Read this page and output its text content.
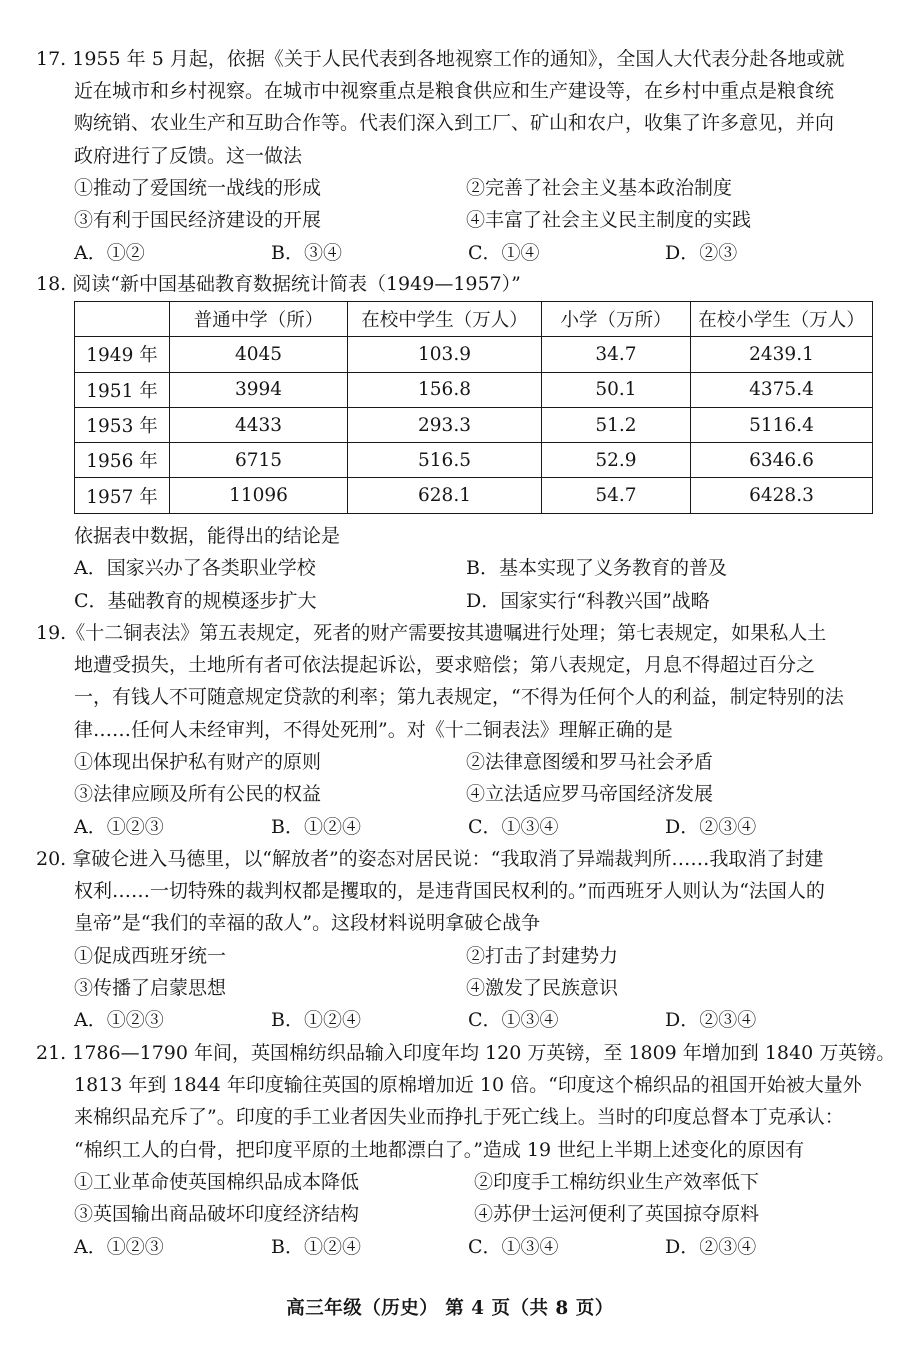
17. 1955 年 5 月起，依据《关于人民代表到各地视察工作的通知》，全国人大代表分赴各地或就
近在城市和乡村视察。在城市中视察重点是粮食供应和生产建设等，在乡村中重点是粮食统
购统销、农业生产和互助合作等。代表们深入到工厂、矿山和农户，收集了许多意见，并向
政府进行了反馈。这一做法
①推动了爱国统一战线的形成	②完善了社会主义基本政治制度
③有利于国民经济建设的开展	④丰富了社会主义民主制度的实践
A．①②	B．③④	C．①④	D．②③
18. 阅读“新中国基础教育数据统计简表（1949—1957）”
	普通中学（所）	在校中学生（万人）	小学（万所）	在校小学生（万人）
1949 年	4045	103.9	34.7	2439.1
1951 年	3994	156.8	50.1	4375.4
1953 年	4433	293.3	51.2	5116.4
1956 年	6715	516.5	52.9	6346.6
1957 年	11096	628.1	54.7	6428.3
依据表中数据，能得出的结论是
A．国家兴办了各类职业学校	B．基本实现了义务教育的普及
C．基础教育的规模逐步扩大	D．国家实行“科教兴国”战略
19.《十二铜表法》第五表规定，死者的财产需要按其遗嘱进行处理；第七表规定，如果私人土
地遭受损失，土地所有者可依法提起诉讼，要求赔偿；第八表规定，月息不得超过百分之
一，有钱人不可随意规定贷款的利率；第九表规定，“不得为任何个人的利益，制定特别的法
律……任何人未经审判，不得处死刑”。对《十二铜表法》理解正确的是
①体现出保护私有财产的原则	②法律意图缓和罗马社会矛盾
③法律应顾及所有公民的权益	④立法适应罗马帝国经济发展
A．①②③	B．①②④	C．①③④	D．②③④
20. 拿破仑进入马德里，以“解放者”的姿态对居民说：“我取消了异端裁判所……我取消了封建
权利……一切特殊的裁判权都是攫取的，是违背国民权利的。”而西班牙人则认为“法国人的
皇帝”是“我们的幸福的敌人”。这段材料说明拿破仑战争
①促成西班牙统一	②打击了封建势力
③传播了启蒙思想	④激发了民族意识
A．①②③	B．①②④	C．①③④	D．②③④
21. 1786—1790 年间，英国棉纺织品输入印度年均 120 万英镑，至 1809 年增加到 1840 万英镑。
1813 年到 1844 年印度输往英国的原棉增加近 10 倍。“印度这个棉织品的祖国开始被大量外
来棉织品充斥了”。印度的手工业者因失业而挣扎于死亡线上。当时的印度总督本丁克承认：
“棉织工人的白骨，把印度平原的土地都漂白了。”造成 19 世纪上半期上述变化的原因有
①工业革命使英国棉织品成本降低	②印度手工棉纺织业生产效率低下
③英国输出商品破坏印度经济结构	④苏伊士运河便利了英国掠夺原料
A．①②③	B．①②④	C．①③④	D．②③④
高三年级（历史） 第 4 页（共 8 页）
